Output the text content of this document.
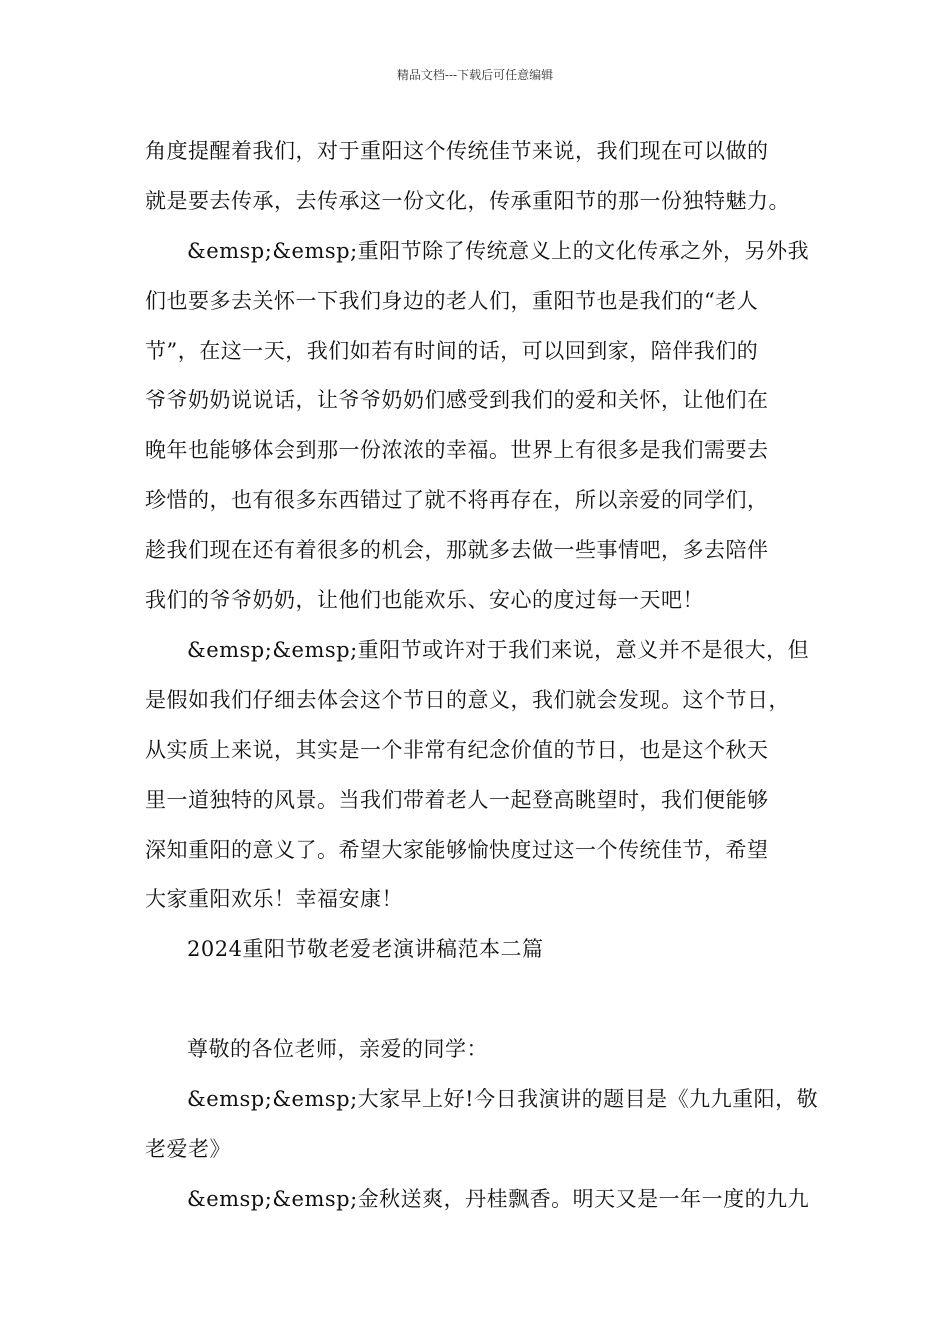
精品文档---下载后可任意编辑
角度提醒着我们，对于重阳这个传统佳节来说，我们现在可以做的
就是要去传承，去传承这一份文化，传承重阳节的那一份独特魅力。
&emsp;&emsp;重阳节除了传统意义上的文化传承之外，另外我
们也要多去关怀一下我们身边的老人们，重阳节也是我们的“老人
节”，在这一天，我们如若有时间的话，可以回到家，陪伴我们的
爷爷奶奶说说话，让爷爷奶奶们感受到我们的爱和关怀，让他们在
晚年也能够体会到那一份浓浓的幸福。世界上有很多是我们需要去
珍惜的，也有很多东西错过了就不将再存在，所以亲爱的同学们，
趁我们现在还有着很多的机会，那就多去做一些事情吧，多去陪伴
我们的爷爷奶奶，让他们也能欢乐、安心的度过每一天吧！
&emsp;&emsp;重阳节或许对于我们来说，意义并不是很大，但
是假如我们仔细去体会这个节日的意义，我们就会发现。这个节日，
从实质上来说，其实是一个非常有纪念价值的节日，也是这个秋天
里一道独特的风景。当我们带着老人一起登高眺望时，我们便能够
深知重阳的意义了。希望大家能够愉快度过这一个传统佳节，希望
大家重阳欢乐！幸福安康！
2024重阳节敬老爱老演讲稿范本二篇
尊敬的各位老师，亲爱的同学：
&emsp;&emsp;大家早上好!今日我演讲的题目是《九九重阳，敬
老爱老》
&emsp;&emsp;金秋送爽，丹桂飘香。明天又是一年一度的九九
